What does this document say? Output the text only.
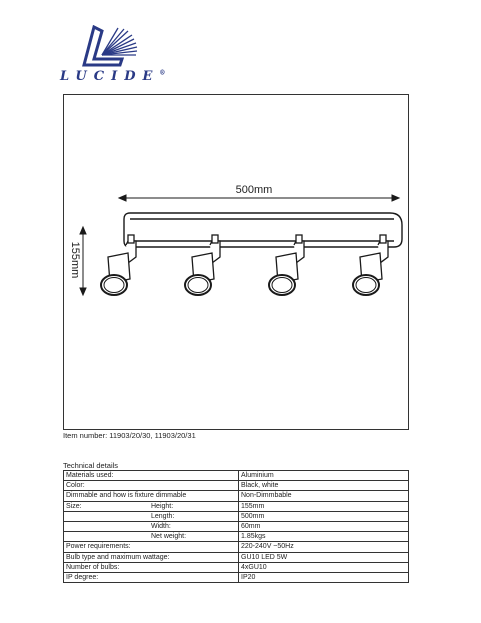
LUCIDE®
500mm
155mm
Item number: 11903/20/30, 11903/20/31
Technical details
Materials used:	Aluminium
Color:	Black, white
Dimmable and how is fixture dimmable	Non-Dimmbable
Size: Height:	155mm
Length:	500mm
Width:	60mm
Net weight:	1.85kgs
Power requirements:	220-240V ~50Hz
Bulb type and maximum wattage:	GU10 LED 5W
Number of bulbs:	4xGU10
IP degree:	IP20
